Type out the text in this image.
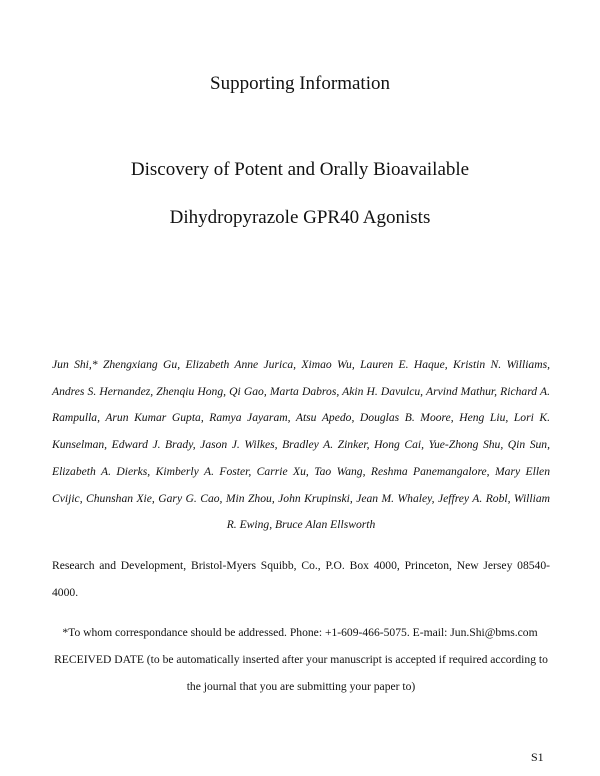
Supporting Information
Discovery of Potent and Orally Bioavailable
Dihydropyrazole GPR40 Agonists
Jun Shi,* Zhengxiang Gu, Elizabeth Anne Jurica, Ximao Wu, Lauren E. Haque, Kristin N. Williams, Andres S. Hernandez, Zhenqiu Hong, Qi Gao, Marta Dabros, Akin H. Davulcu, Arvind Mathur, Richard A. Rampulla, Arun Kumar Gupta, Ramya Jayaram, Atsu Apedo, Douglas B. Moore, Heng Liu, Lori K. Kunselman, Edward J. Brady, Jason J. Wilkes, Bradley A. Zinker, Hong Cai, Yue-Zhong Shu, Qin Sun, Elizabeth A. Dierks, Kimberly A. Foster, Carrie Xu, Tao Wang, Reshma Panemangalore, Mary Ellen Cvijic, Chunshan Xie, Gary G. Cao, Min Zhou, John Krupinski, Jean M. Whaley, Jeffrey A. Robl, William R. Ewing, Bruce Alan Ellsworth
Research and Development, Bristol-Myers Squibb, Co., P.O. Box 4000, Princeton, New Jersey 08540-4000.
*To whom correspondance should be addressed. Phone: +1-609-466-5075. E-mail: Jun.Shi@bms.com
RECEIVED DATE (to be automatically inserted after your manuscript is accepted if required according to the journal that you are submitting your paper to)
S1
